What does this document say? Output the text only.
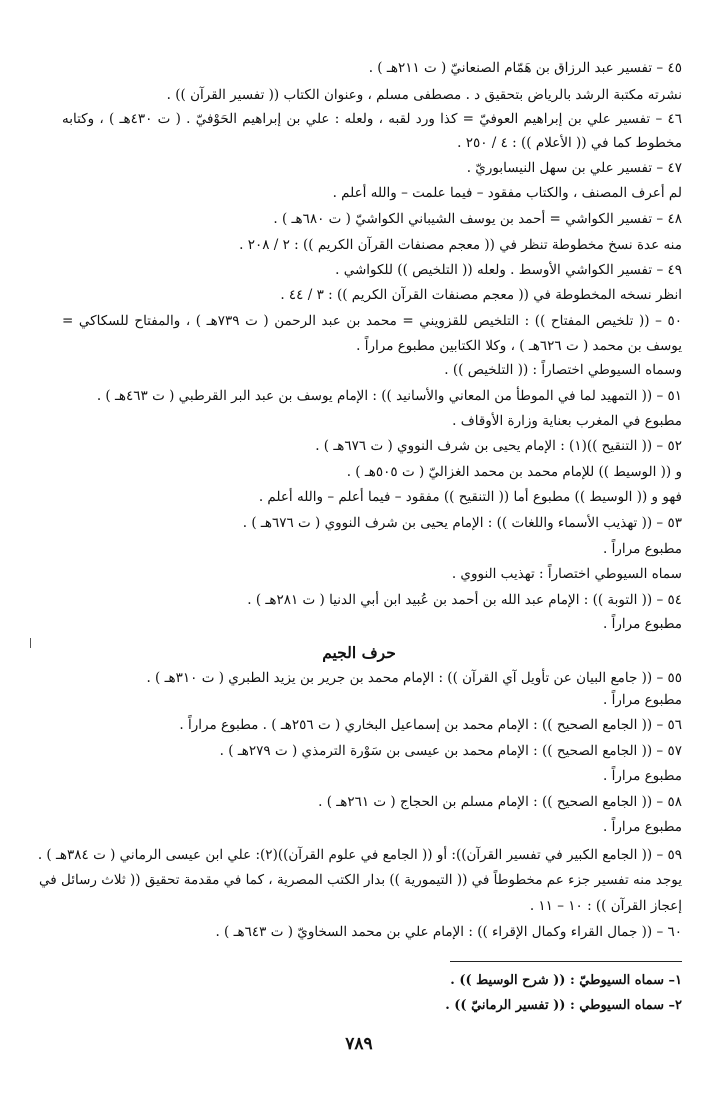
٤٥ – تفسير عبد الرزاق بن هَمّام الصنعانيّ ( ت ٢١١هـ ) .
نشرته مكتبة الرشد بالرياض بتحقيق د . مصطفى مسلم ، وعنوان الكتاب (( تفسير القرآن )) .
٤٦ – تفسير علي بن إبراهيم العوفيّ = كذا ورد لقبه ، ولعله : علي بن إبراهيم الحَوْفيّ . ( ت ٤٣٠هـ ) ، وكتابه
مخطوط كما في (( الأعلام )) : ٤ / ٢٥٠ .
٤٧ – تفسير علي بن سهل النيسابوريّ .
لم أعرف المصنف ، والكتاب مفقود – فيما علمت – والله أعلم .
٤٨ – تفسير الكواشي = أحمد بن يوسف الشيباني الكواشيّ ( ت ٦٨٠هـ ) .
منه عدة نسخ مخطوطة تنظر في (( معجم مصنفات القرآن الكريم )) : ٢ / ٢٠٨ .
٤٩ – تفسير الكواشي الأوسط . ولعله (( التلخيص )) للكواشي .
انظر نسخه المخطوطة في (( معجم مصنفات القرآن الكريم )) : ٣ / ٤٤ .
٥٠ – (( تلخيص المفتاح )) : التلخيص للقزويني = محمد بن عبد الرحمن ( ت ٧٣٩هـ ) ، والمفتاح للسكاكي =
يوسف بن محمد ( ت ٦٢٦هـ ) ، وكلا الكتابين مطبوع مراراً .
وسماه السيوطي اختصاراً : (( التلخيص )) .
٥١ – (( التمهيد لما في الموطأ من المعاني والأسانيد )) : الإمام يوسف بن عبد البر القرطبي ( ت ٤٦٣هـ ) .
مطبوع في المغرب بعناية وزارة الأوقاف .
٥٢ – (( التنقيح ))(١) : الإمام يحيى بن شرف النووي ( ت ٦٧٦هـ ) .
و (( الوسيط )) للإمام محمد بن محمد الغزاليّ ( ت ٥٠٥هـ ) .
فهو و (( الوسيط )) مطبوع أما (( التنقيح )) مفقود – فيما أعلم – والله أعلم .
٥٣ – (( تهذيب الأسماء واللغات )) : الإمام يحيى بن شرف النووي ( ت ٦٧٦هـ ) .
مطبوع مراراً .
سماه السيوطي اختصاراً : تهذيب النووي .
٥٤ – (( التوبة )) : الإمام عبد الله بن أحمد بن عُبيد ابن أبي الدنيا ( ت ٢٨١هـ ) .
مطبوع مراراً .
٥٥ – (( جامع البيان عن تأويل آي القرآن )) : الإمام محمد بن جرير بن يزيد الطبري ( ت ٣١٠هـ ) .
مطبوع مراراً .
٥٦ – (( الجامع الصحيح )) : الإمام محمد بن إسماعيل البخاري ( ت ٢٥٦هـ ) . مطبوع مراراً .
٥٧ – (( الجامع الصحيح )) : الإمام محمد بن عيسى بن سَوْرة الترمذي ( ت ٢٧٩هـ ) .
مطبوع مراراً .
٥٨ – (( الجامع الصحيح )) : الإمام مسلم بن الحجاج ( ت ٢٦١هـ ) .
مطبوع مراراً .
٥٩ – (( الجامع الكبير في تفسير القرآن)): أو (( الجامع في علوم القرآن))(٢): علي ابن عيسى الرماني ( ت ٣٨٤هـ ) .
يوجد منه تفسير جزء عم مخطوطاً في (( التيمورية )) بدار الكتب المصرية ، كما في مقدمة تحقيق (( ثلاث رسائل في
إعجاز القرآن )) : ١٠ – ١١ .
٦٠ – (( جمال القراء وكمال الإقراء )) : الإمام علي بن محمد السخاويّ ( ت ٦٤٣هـ ) .
حرف الجيم
١– سماه السيوطيّ : (( شرح الوسيط )) .
٢– سماه السيوطي : (( تفسير الرمانيّ )) .
٧٨٩
